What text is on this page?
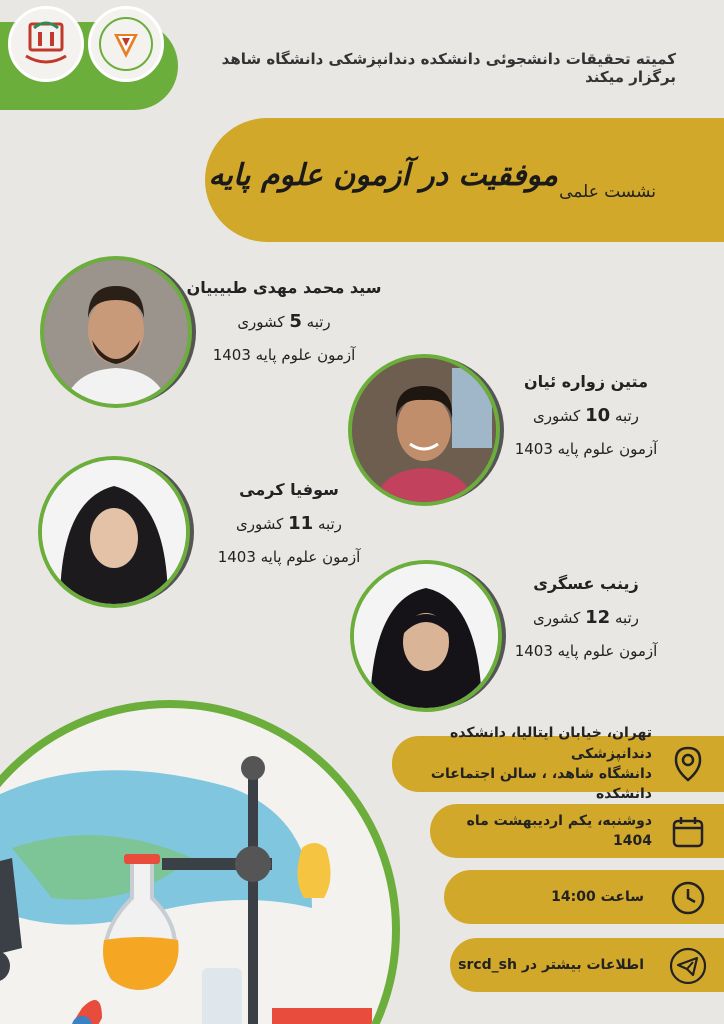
کمیته تحقیقات دانشجوئی دانشکده دندانپزشکی دانشگاه شاهد برگزار میکند
نشست علمی
موفقیت در آزمون علوم پایه
سید محمد مهدی طبیبیان
رتبه 5 کشوری
آزمون علوم پایه 1403
متین زواره ئیان
رتبه 10 کشوری
آزمون علوم پایه 1403
سوفیا کرمی
رتبه 11 کشوری
آزمون علوم پایه 1403
زینب عسگری
رتبه 12 کشوری
آزمون علوم پایه 1403
تهران، خیابان ایتالیا، دانشکده دندانپزشکی
دانشگاه شاهد، ، سالن اجتماعات دانشکده
دوشنبه، یکم اردیبهشت ماه 1404
ساعت 14:00
اطلاعات بیشتر در srcd_sh
